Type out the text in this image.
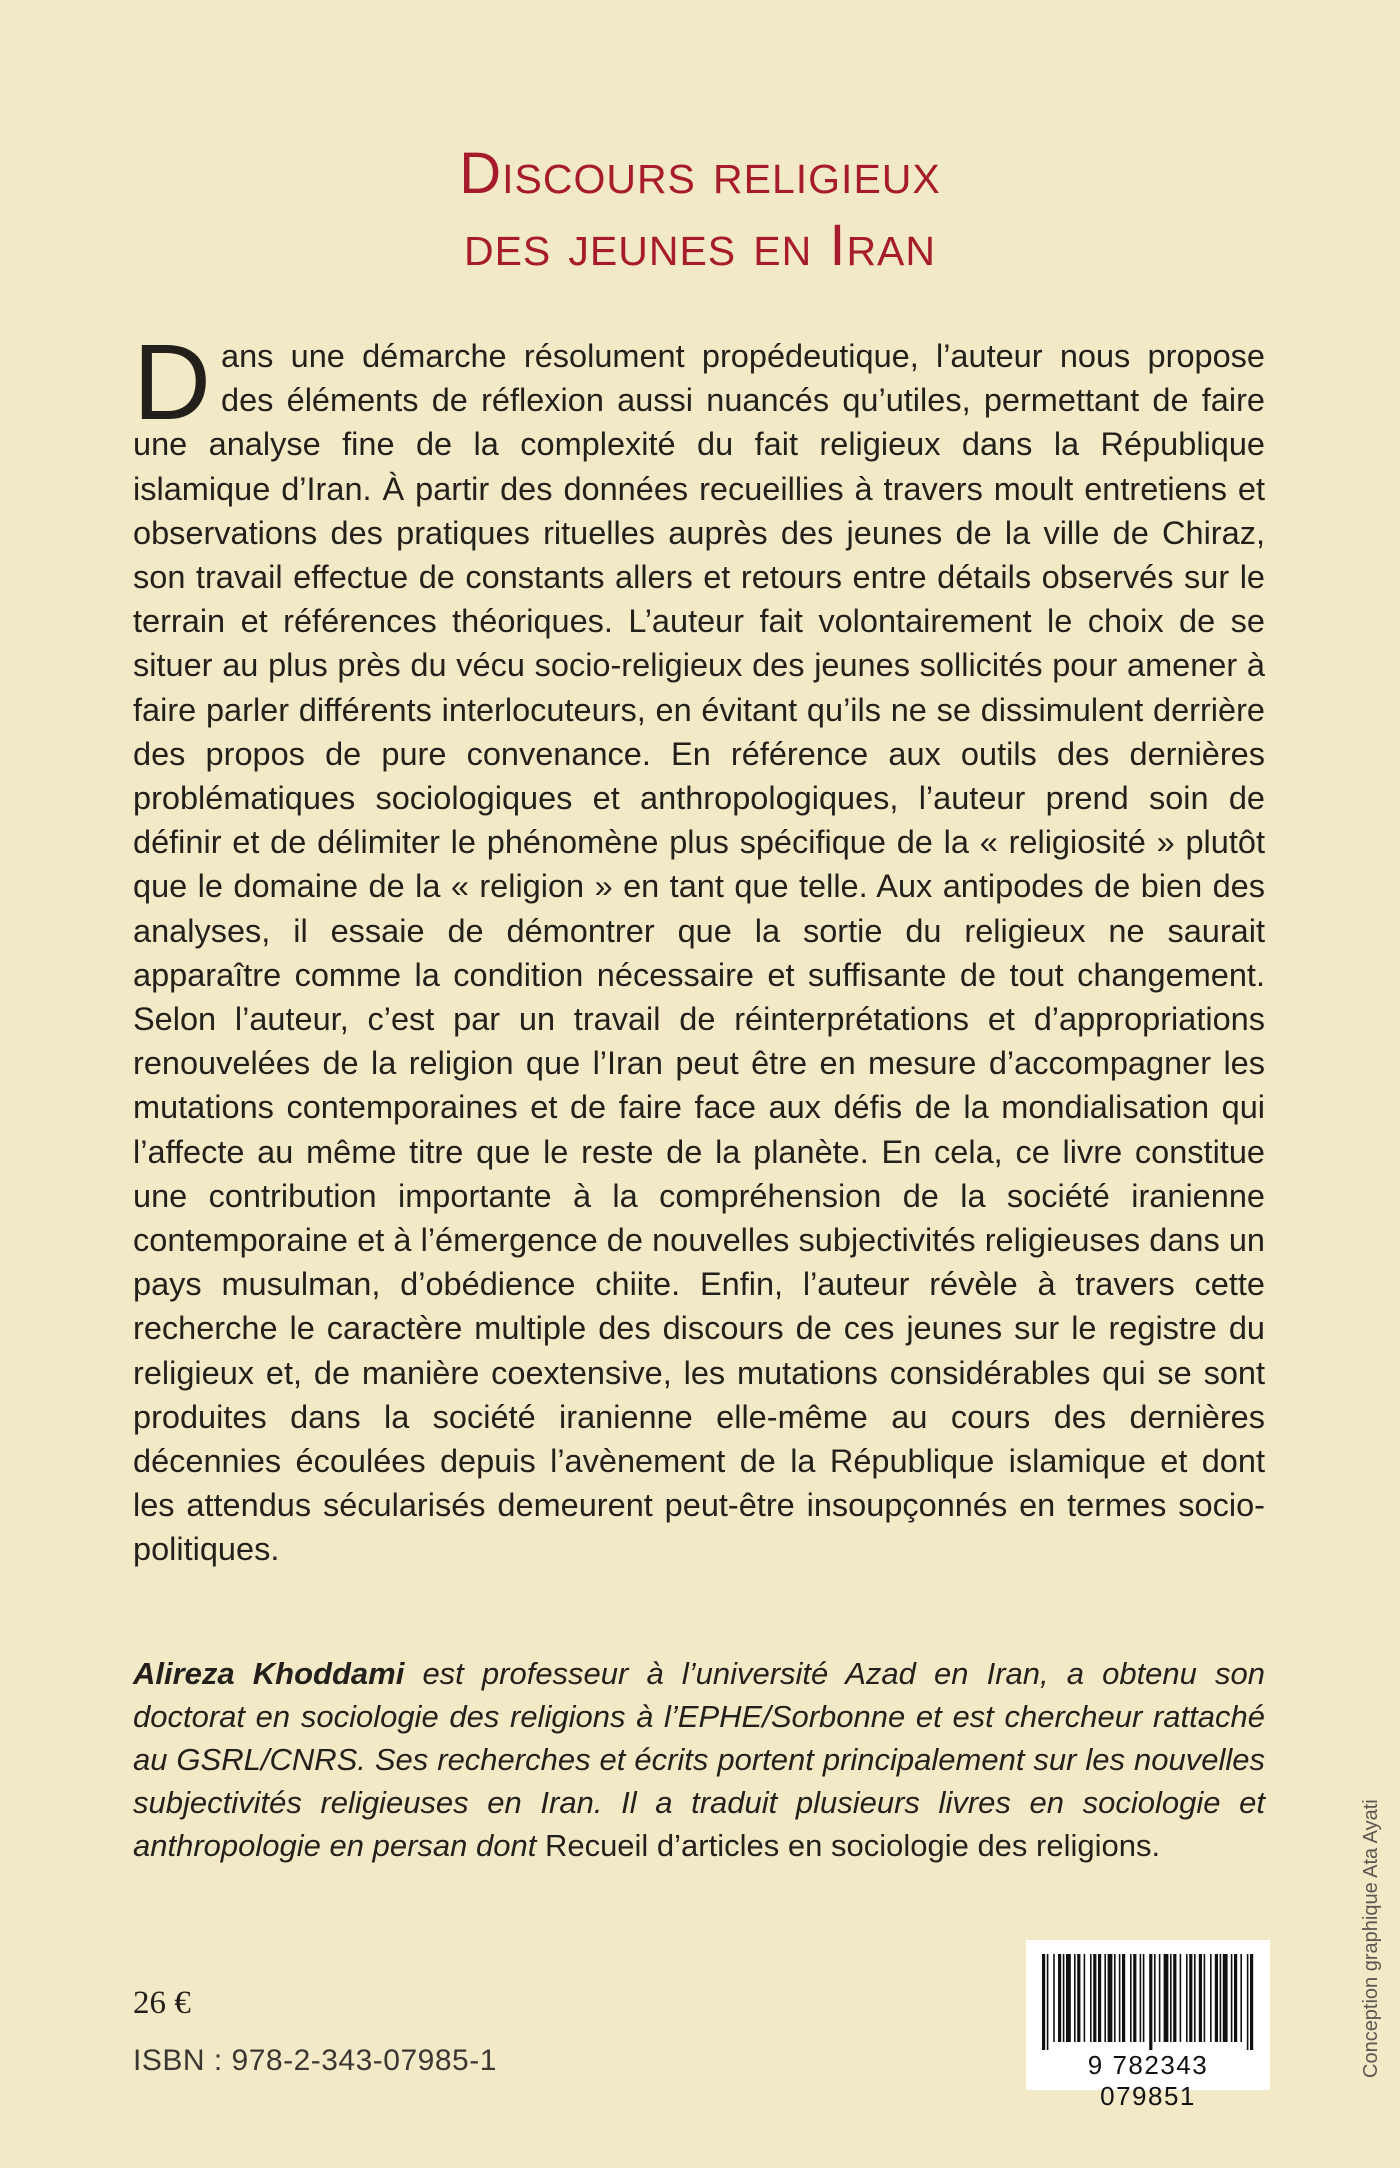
Discours religieux
des jeunes en Iran
Dans une démarche résolument propédeutique, l’auteur nous propose des éléments de réflexion aussi nuancés qu’utiles, permettant de faire une analyse fine de la complexité du fait religieux dans la République islamique d’Iran. À partir des données recueillies à travers moult entretiens et observations des pratiques rituelles auprès des jeunes de la ville de Chiraz, son travail effectue de constants allers et retours entre détails observés sur le terrain et références théoriques. L’auteur fait volontairement le choix de se situer au plus près du vécu socio-religieux des jeunes sollicités pour amener à faire parler différents interlocuteurs, en évitant qu’ils ne se dissimulent derrière des propos de pure convenance. En référence aux outils des dernières problématiques sociologiques et anthropologiques, l’auteur prend soin de définir et de délimiter le phénomène plus spécifique de la « religiosité » plutôt que le domaine de la « religion » en tant que telle. Aux antipodes de bien des analyses, il essaie de démontrer que la sortie du religieux ne saurait apparaître comme la condition nécessaire et suffisante de tout changement. Selon l’auteur, c’est par un travail de réinterprétations et d’appropriations renouvelées de la religion que l’Iran peut être en mesure d’accompagner les mutations contemporaines et de faire face aux défis de la mondialisation qui l’affecte au même titre que le reste de la planète. En cela, ce livre constitue une contribution importante à la compréhension de la société iranienne contemporaine et à l’émergence de nouvelles subjectivités religieuses dans un pays musulman, d’obédience chiite. Enfin, l’auteur révèle à travers cette recherche le caractère multiple des discours de ces jeunes sur le registre du religieux et, de manière coextensive, les mutations considérables qui se sont produites dans la société iranienne elle-même au cours des dernières décennies écoulées depuis l’avènement de la République islamique et dont les attendus sécularisés demeurent peut-être insoupçonnés en termes socio-politiques.
Alireza Khoddami est professeur à l’université Azad en Iran, a obtenu son doctorat en sociologie des religions à l’EPHE/Sorbonne et est chercheur rattaché au GSRL/CNRS. Ses recherches et écrits portent principalement sur les nouvelles subjectivités religieuses en Iran. Il a traduit plusieurs livres en sociologie et anthropologie en persan dont Recueil d’articles en sociologie des religions.
26 €
ISBN : 978-2-343-07985-1	9 782343 079851
Conception graphique Ata Ayati
